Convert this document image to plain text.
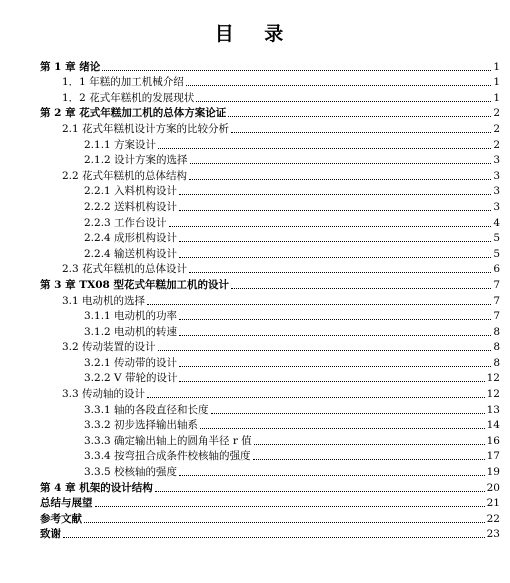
目 录
第 1 章 绪论	1
1．1 年糕的加工机械介绍	1
1．2 花式年糕机的发展现状	1
第 2 章 花式年糕加工机的总体方案论证	2
2.1 花式年糕机设计方案的比较分析	2
2.1.1 方案设计	2
2.1.2 设计方案的选择	3
2.2 花式年糕机的总体结构	3
2.2.1 入料机构设计	3
2.2.2 送料机构设计	3
2.2.3 工作台设计	4
2.2.4 成形机构设计	5
2.2.4 输送机构设计	5
2.3 花式年糕机的总体设计	6
第 3 章 TX08 型花式年糕加工机的设计	7
3.1 电动机的选择	7
3.1.1 电动机的功率	7
3.1.2 电动机的转速	8
3.2 传动装置的设计	8
3.2.1 传动带的设计	8
3.2.2 V 带轮的设计	12
3.3 传动轴的设计	12
3.3.1 轴的各段直径和长度	13
3.3.2 初步选择输出轴系	14
3.3.3 确定输出轴上的圆角半径 r 值	16
3.3.4 按弯扭合成条件校核轴的强度	17
3.3.5 校核轴的强度	19
第 4 章 机架的设计结构	20
总结与展望	21
参考文献	22
致谢	23
